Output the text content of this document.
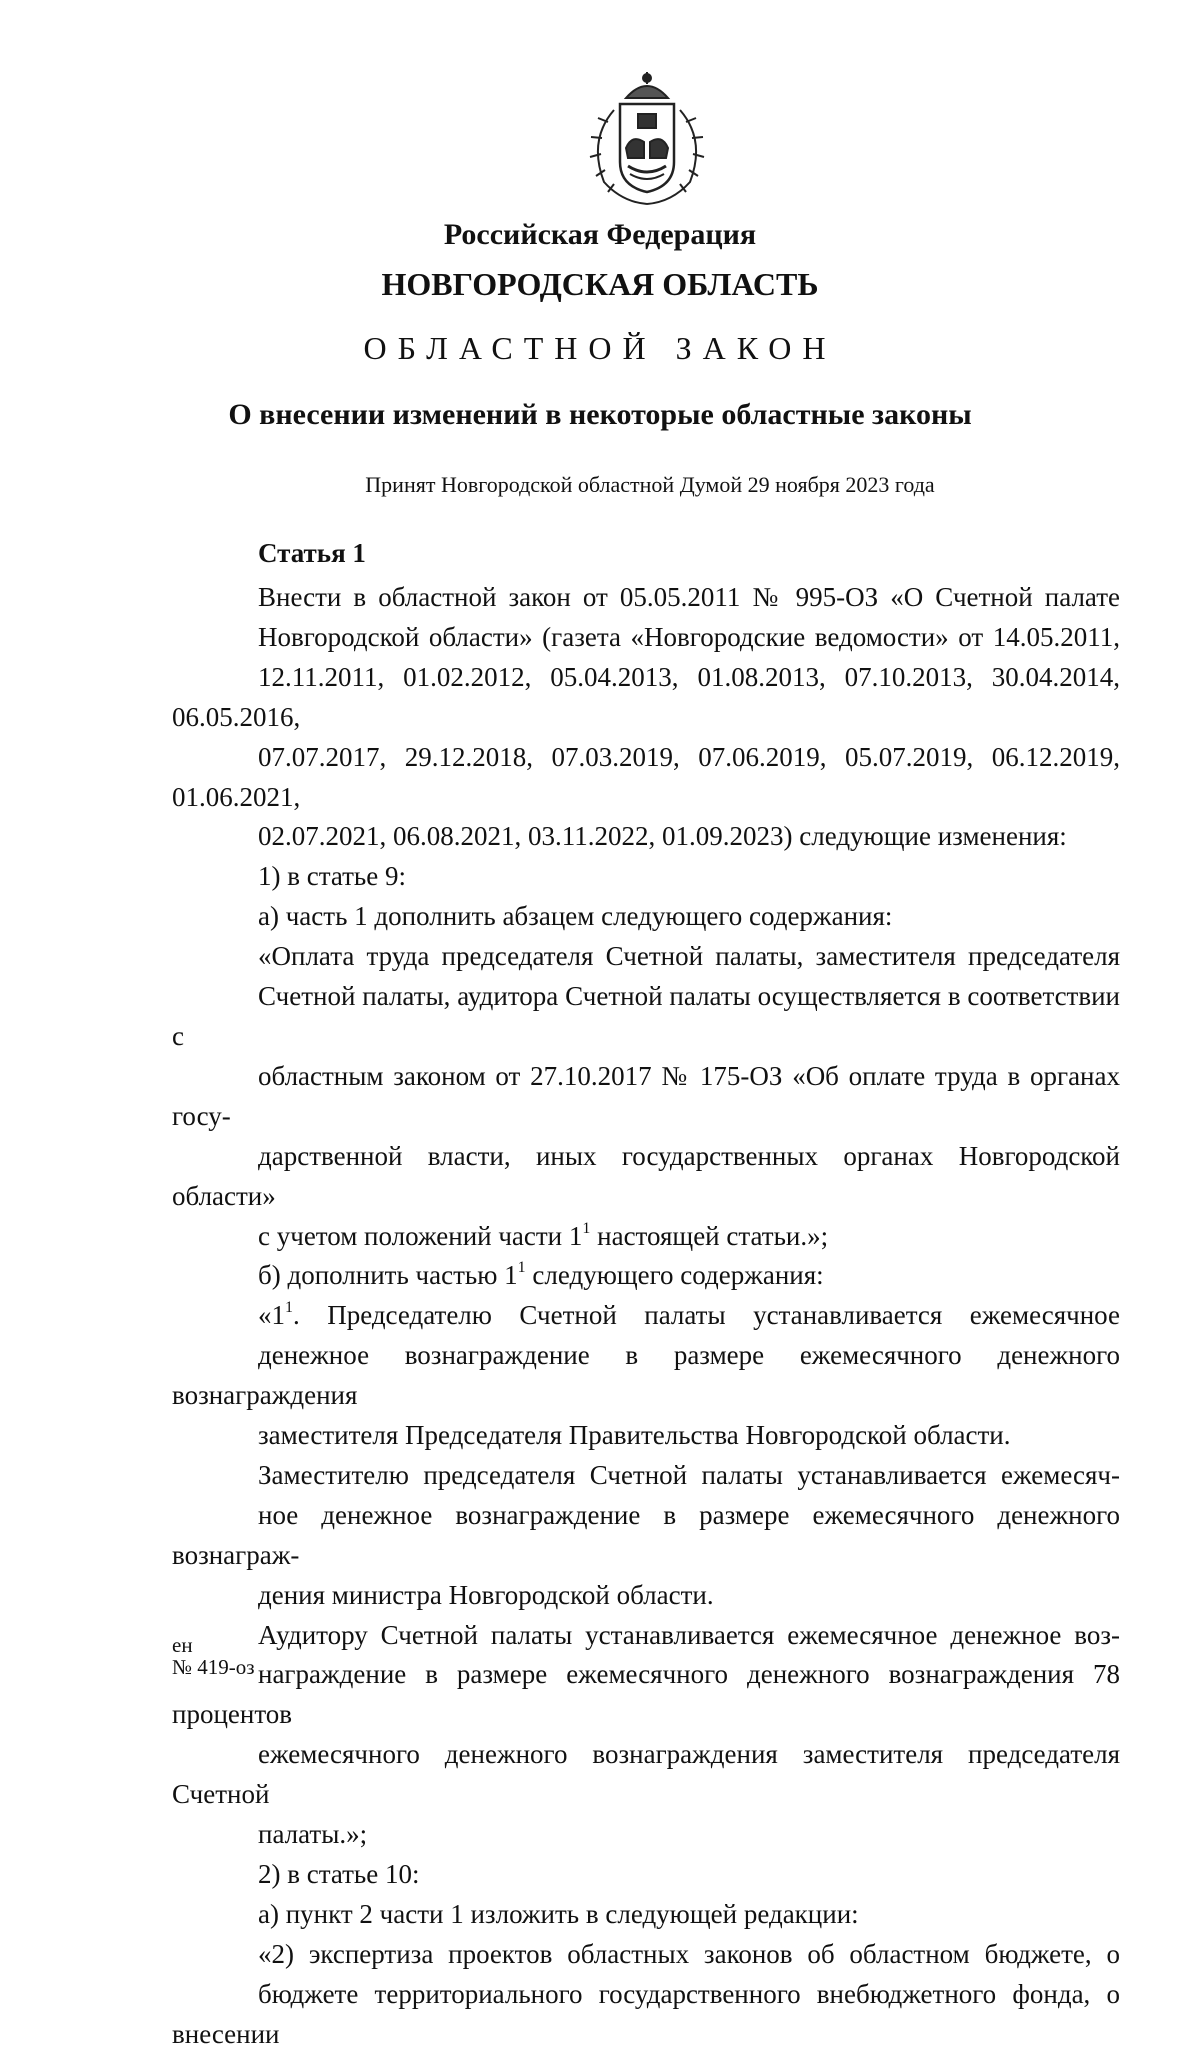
Российская Федерация
НОВГОРОДСКАЯ ОБЛАСТЬ
ОБЛАСТНОЙ ЗАКОН
О внесении изменений в некоторые областные законы
Принят Новгородской областной Думой 29 ноября 2023 года
Статья 1

Внести в областной закон от 05.05.2011 № 995-ОЗ «О Счетной палате
Новгородской области» (газета «Новгородские ведомости» от 14.05.2011,
12.11.2011, 01.02.2012, 05.04.2013, 01.08.2013, 07.10.2013, 30.04.2014, 06.05.2016,
07.07.2017, 29.12.2018, 07.03.2019, 07.06.2019, 05.07.2019, 06.12.2019, 01.06.2021,
02.07.2021, 06.08.2021, 03.11.2022, 01.09.2023) следующие изменения:

1) в статье 9:

а) часть 1 дополнить абзацем следующего содержания:

«Оплата труда председателя Счетной палаты, заместителя председателя
Счетной палаты, аудитора Счетной палаты осуществляется в соответствии с
областным законом от 27.10.2017 № 175-ОЗ «Об оплате труда в органах госу-
дарственной власти, иных государственных органах Новгородской области»
с учетом положений части $1^1$ настоящей статьи.»;

б) дополнить частью $1^1$ следующего содержания:

«$1^1$. Председателю Счетной палаты устанавливается ежемесячное
денежное вознаграждение в размере ежемесячного денежного вознаграждения
заместителя Председателя Правительства Новгородской области.

Заместителю председателя Счетной палаты устанавливается ежемесяч-
ное денежное вознаграждение в размере ежемесячного денежного вознаграж-
дения министра Новгородской области.

Аудитору Счетной палаты устанавливается ежемесячное денежное воз-
награждение в размере ежемесячного денежного вознаграждения 78 процентов
ежемесячного денежного вознаграждения заместителя председателя Счетной
палаты.»;

2) в статье 10:

а) пункт 2 части 1 изложить в следующей редакции:

«2) экспертиза проектов областных законов об областном бюджете, о
бюджете территориального государственного внебюджетного фонда, о внесении

ен
№ 419-оз
